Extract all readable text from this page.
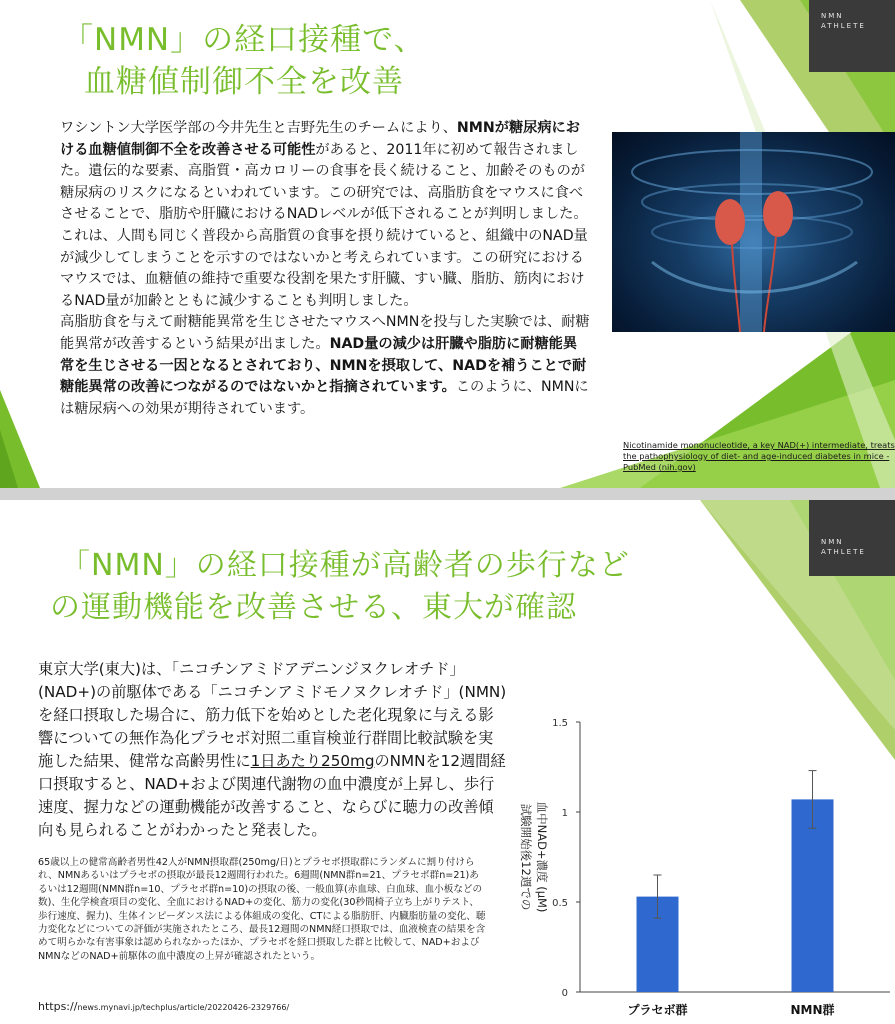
NMN
ATHLETE
「NMN」の経口接種で、
血糖値制御不全を改善
ワシントン大学医学部の今井先生と吉野先生のチームにより、NMNが糖尿病における血糖値制御不全を改善させる可能性があると、2011年に初めて報告されました。遺伝的な要素、高脂質・高カロリーの食事を長く続けること、加齢そのものが糖尿病のリスクになるといわれています。この研究では、高脂肪食をマウスに食べさせることで、脂肪や肝臓におけるNADレベルが低下されることが判明しました。これは、人間も同じく普段から高脂質の食事を摂り続けていると、組織中のNAD量が減少してしまうことを示すのではないかと考えられています。この研究におけるマウスでは、血糖値の維持で重要な役割を果たす肝臓、すい臓、脂肪、筋肉におけるNAD量が加齢とともに減少することも判明しました。
高脂肪食を与えて耐糖能異常を生じさせたマウスへNMNを投与した実験では、耐糖能異常が改善するという結果が出ました。NAD量の減少は肝臓や脂肪に耐糖能異常を生じさせる一因となるとされており、NMNを摂取して、NADを補うことで耐糖能異常の改善につながるのではないかと指摘されています。このように、NMNには糖尿病への効果が期待されています。
Nicotinamide mononucleotide, a key NAD(+) intermediate, treats the pathophysiology of diet- and age-induced diabetes in mice - PubMed (nih.gov)
NMN
ATHLETE
「NMN」の経口接種が高齢者の歩行など
の運動機能を改善させる、東大が確認
東京大学(東大)は、「ニコチンアミドアデニンジヌクレオチド」(NAD+)の前駆体である「ニコチンアミドモノヌクレオチド」(NMN)を経口摂取した場合に、筋力低下を始めとした老化現象に与える影響についての無作為化プラセボ対照二重盲検並行群間比較試験を実施した結果、健常な高齢男性に1日あたり250mgのNMNを12週間経口摂取すると、NAD+および関連代謝物の血中濃度が上昇し、歩行速度、握力などの運動機能が改善すること、ならびに聴力の改善傾向も見られることがわかったと発表した。
65歳以上の健常高齢者男性42人がNMN摂取群(250mg/日)とプラセボ摂取群にランダムに割り付けられ、NMNあるいはプラセボの摂取が最長12週間行われた。6週間(NMN群n=21、プラセボ群n=21)あるいは12週間(NMN群n=10、プラセボ群n=10)の摂取の後、一般血算(赤血球、白血球、血小板などの数)、生化学検査項目の変化、全血におけるNAD+の変化、筋力の変化(30秒間椅子立ち上がりテスト、歩行速度、握力)、生体インピーダンス法による体組成の変化、CTによる脂肪肝、内臓脂肪量の変化、聴力変化などについての評価が実施されたところ、最長12週間のNMN経口摂取では、血液検査の結果を含めて明らかな有害事象は認められなかったほか、プラセボを経口摂取した群と比較して、NAD+およびNMNなどのNAD+前駆体の血中濃度の上昇が確認されたという。
https://news.mynavi.jp/techplus/article/20220426-2329766/
0
0.5
1
1.5
プラセボ群	NMN群
試験開始後12週での 血中NAD+濃度 (μM)
